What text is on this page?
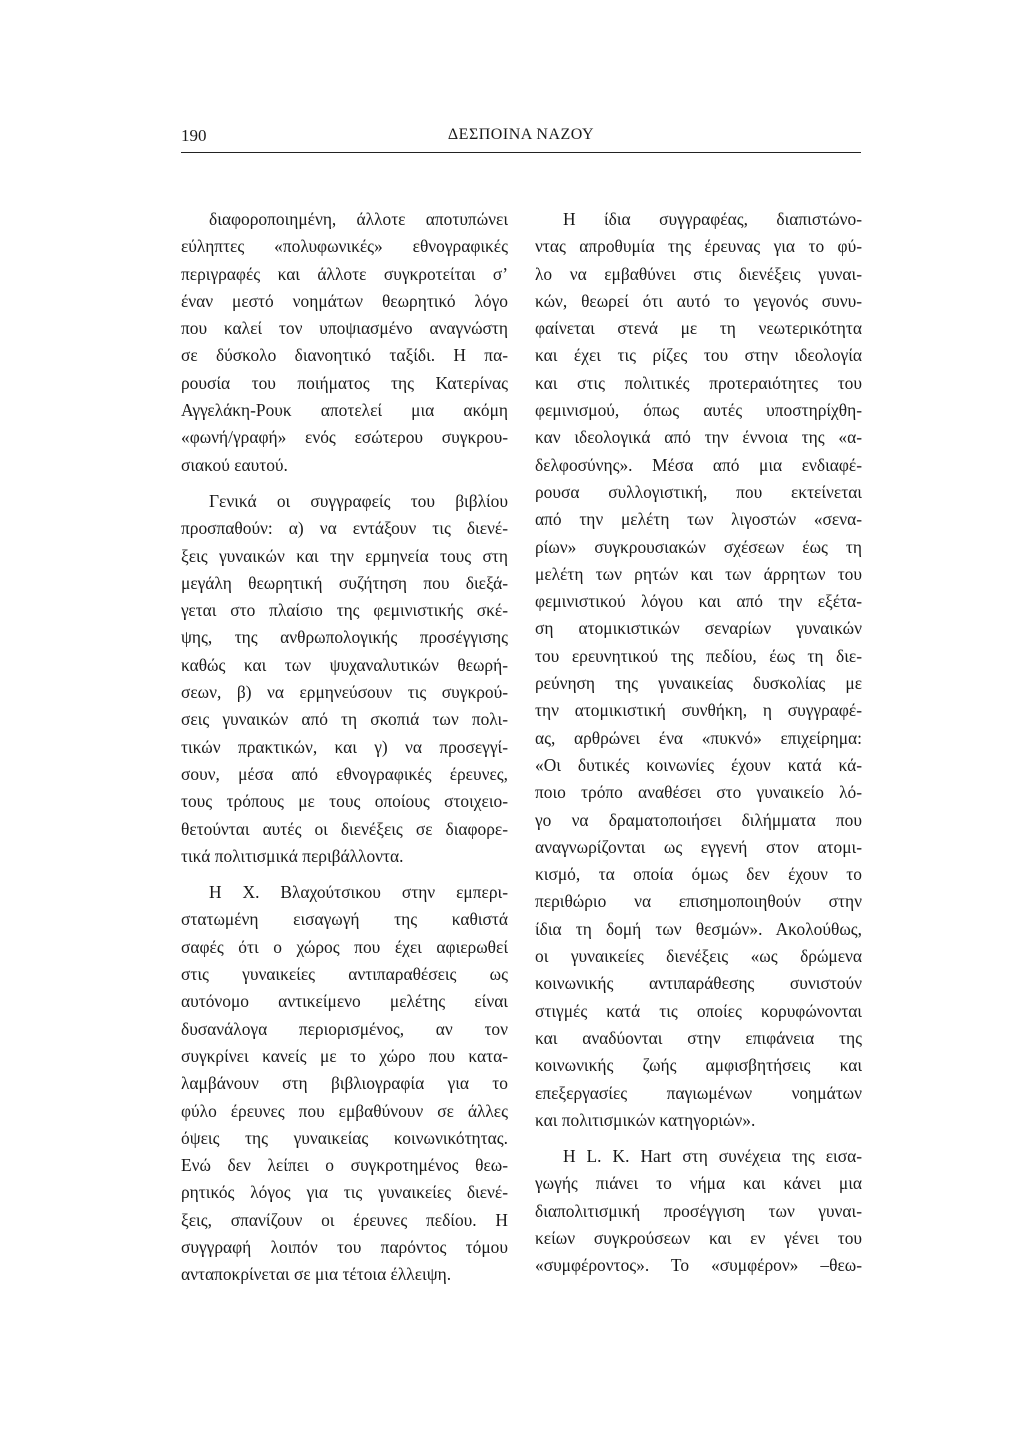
190	ΔΕΣΠΟΙΝΑ ΝΑΖΟΥ
διαφοροποιημένη, άλλοτε αποτυπώνει
εύληπτες «πολυφωνικές» εθνογραφικές
περιγραφές και άλλοτε συγκροτείται σ’
έναν μεστό νοημάτων θεωρητικό λόγο
που καλεί τον υποψιασμένο αναγνώστη
σε δύσκολο διανοητικό ταξίδι. Η πα-
ρουσία του ποιήματος της Κατερίνας
Αγγελάκη-Ρουκ αποτελεί μια ακόμη
«φωνή/γραφή» ενός εσώτερου συγκρου-
σιακού εαυτού.
Γενικά οι συγγραφείς του βιβλίου
προσπαθούν: α) να εντάξουν τις διενέ-
ξεις γυναικών και την ερμηνεία τους στη
μεγάλη θεωρητική συζήτηση που διεξά-
γεται στο πλαίσιο της φεμινιστικής σκέ-
ψης, της ανθρωπολογικής προσέγγισης
καθώς και των ψυχαναλυτικών θεωρή-
σεων, β) να ερμηνεύσουν τις συγκρού-
σεις γυναικών από τη σκοπιά των πολι-
τικών πρακτικών, και γ) να προσεγγί-
σουν, μέσα από εθνογραφικές έρευνες,
τους τρόπους με τους οποίους στοιχειο-
θετούνται αυτές οι διενέξεις σε διαφορε-
τικά πολιτισμικά περιβάλλοντα.
Η Χ. Βλαχούτσικου στην εμπερι-
στατωμένη εισαγωγή της καθιστά
σαφές ότι ο χώρος που έχει αφιερωθεί
στις γυναικείες αντιπαραθέσεις ως
αυτόνομο αντικείμενο μελέτης είναι
δυσανάλογα περιορισμένος, αν τον
συγκρίνει κανείς με το χώρο που κατα-
λαμβάνουν στη βιβλιογραφία για το
φύλο έρευνες που εμβαθύνουν σε άλλες
όψεις της γυναικείας κοινωνικότητας.
Ενώ δεν λείπει ο συγκροτημένος θεω-
ρητικός λόγος για τις γυναικείες διενέ-
ξεις, σπανίζουν οι έρευνες πεδίου. Η
συγγραφή λοιπόν του παρόντος τόμου
ανταποκρίνεται σε μια τέτοια έλλειψη.
Η ίδια συγγραφέας, διαπιστώνο-
ντας απροθυμία της έρευνας για το φύ-
λο να εμβαθύνει στις διενέξεις γυναι-
κών, θεωρεί ότι αυτό το γεγονός συνυ-
φαίνεται στενά με τη νεωτερικότητα
και έχει τις ρίζες του στην ιδεολογία
και στις πολιτικές προτεραιότητες του
φεμινισμού, όπως αυτές υποστηρίχθη-
καν ιδεολογικά από την έννοια της «α-
δελφοσύνης». Μέσα από μια ενδιαφέ-
ρουσα συλλογιστική, που εκτείνεται
από την μελέτη των λιγοστών «σενα-
ρίων» συγκρουσιακών σχέσεων έως τη
μελέτη των ρητών και των άρρητων του
φεμινιστικού λόγου και από την εξέτα-
ση ατομικιστικών σεναρίων γυναικών
του ερευνητικού της πεδίου, έως τη διε-
ρεύνηση της γυναικείας δυσκολίας με
την ατομικιστική συνθήκη, η συγγραφέ-
ας, αρθρώνει ένα «πυκνό» επιχείρημα:
«Οι δυτικές κοινωνίες έχουν κατά κά-
ποιο τρόπο αναθέσει στο γυναικείο λό-
γο να δραματοποιήσει διλήμματα που
αναγνωρίζονται ως εγγενή στον ατομι-
κισμό, τα οποία όμως δεν έχουν το
περιθώριο να επισημοποιηθούν στην
ίδια τη δομή των θεσμών». Ακολούθως,
οι γυναικείες διενέξεις «ως δρώμενα
κοινωνικής αντιπαράθεσης συνιστούν
στιγμές κατά τις οποίες κορυφώνονται
και αναδύονται στην επιφάνεια της
κοινωνικής ζωής αμφισβητήσεις και
επεξεργασίες παγιωμένων νοημάτων
και πολιτισμικών κατηγοριών».
Η L. K. Hart στη συνέχεια της εισα-
γωγής πιάνει το νήμα και κάνει μια
διαπολιτισμική προσέγγιση των γυναι-
κείων συγκρούσεων και εν γένει του
«συμφέροντος». Το «συμφέρον» –θεω-
